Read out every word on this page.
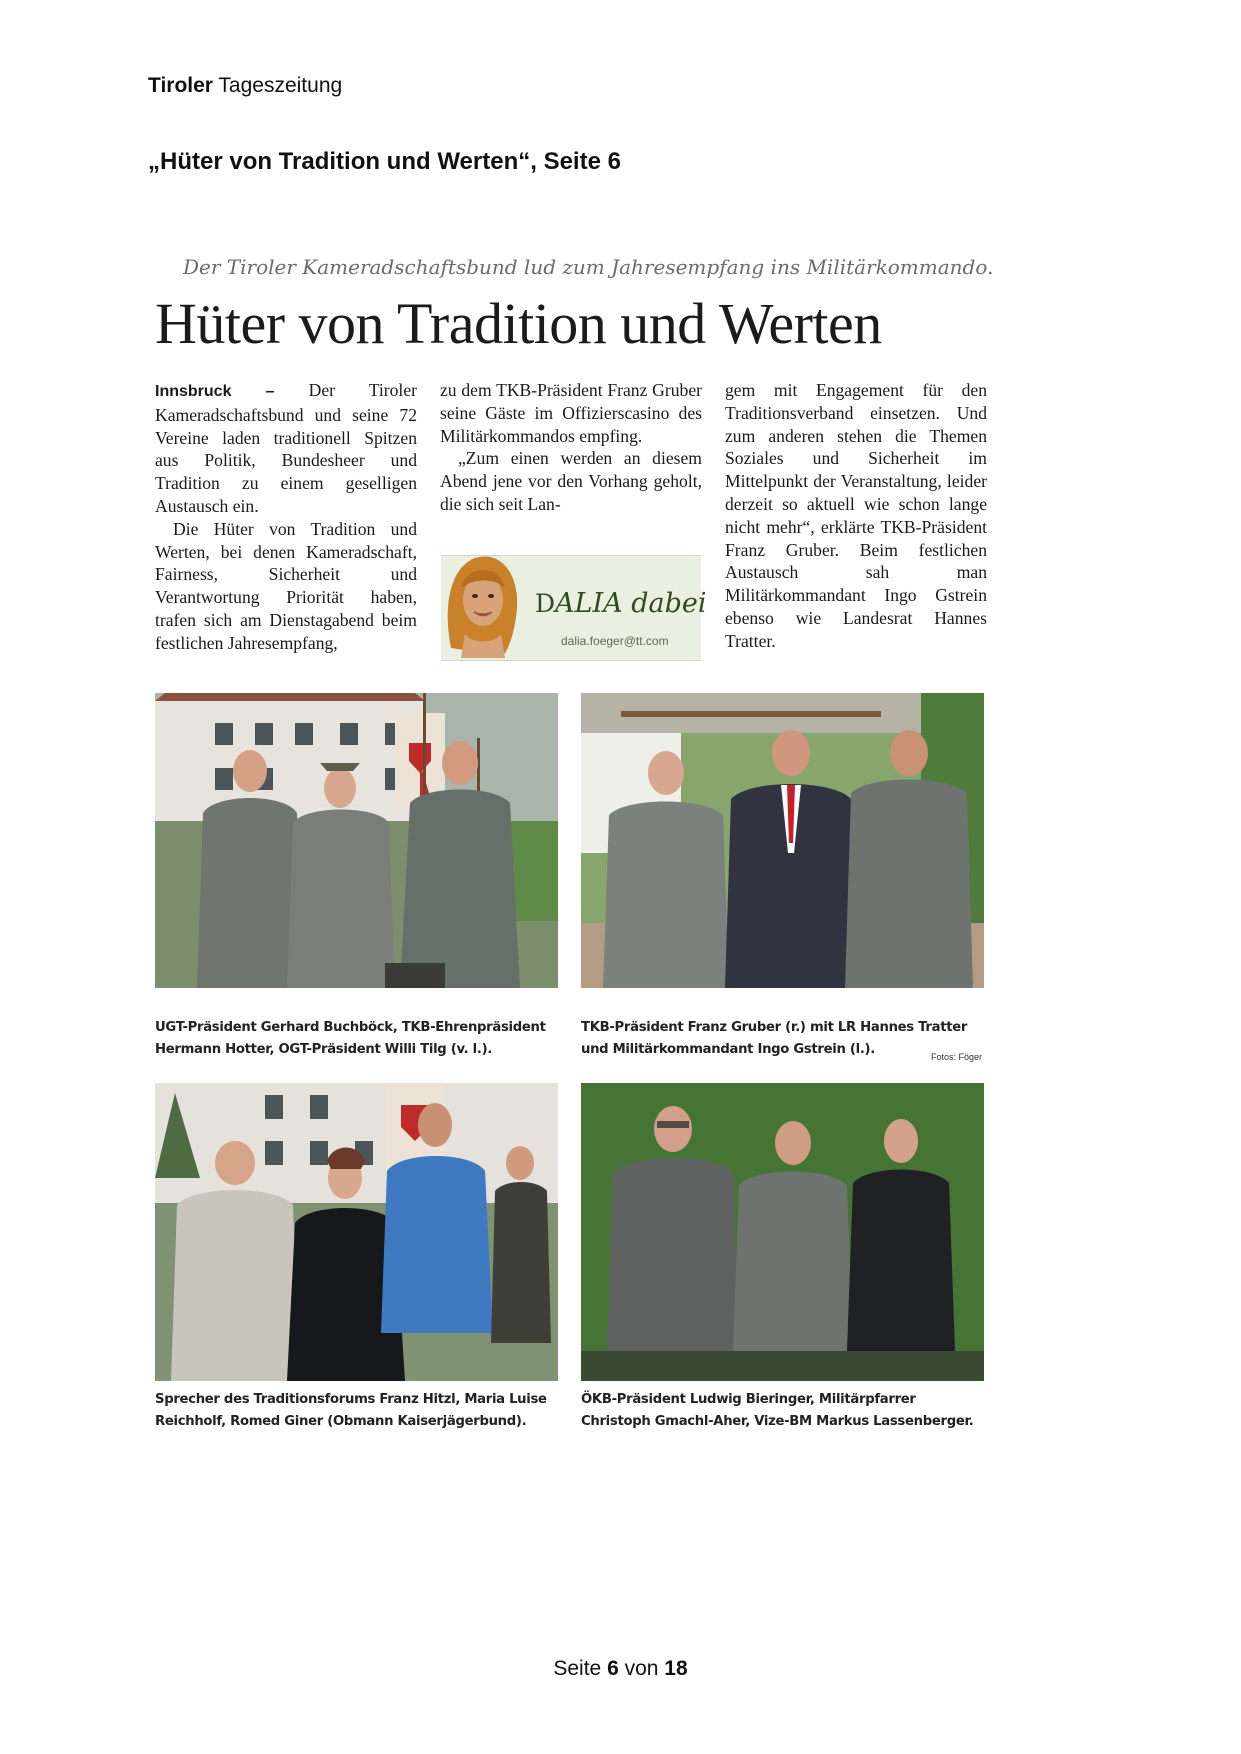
Tiroler Tageszeitung
„Hüter von Tradition und Werten“, Seite 6
Der Tiroler Kameradschaftsbund lud zum Jahresempfang ins Militärkommando.
Hüter von Tradition und Werten

Innsbruck – Der Tiroler Kameradschaftsbund und seine 72 Vereine laden traditionell Spitzen aus Politik, Bundesheer und Tradition zu einem geselligen Austausch ein.

Die Hüter von Tradition und Werten, bei denen Kameradschaft, Fairness, Sicherheit und Verantwortung Priorität haben, trafen sich am Dienstagabend beim festlichen Jahresempfang,

zu dem TKB-Präsident Franz Gruber seine Gäste im Offizierscasino des Militärkommandos empfing.

„Zum einen werden an diesem Abend jene vor den Vorhang geholt, die sich seit Lan-

DALIA dabei
dalia.foeger@tt.com

gem mit Engagement für den Traditionsverband einsetzen. Und zum anderen stehen die Themen Soziales und Sicherheit im Mittelpunkt der Veranstaltung, leider derzeit so aktuell wie schon lange nicht mehr“, erklärte TKB-Präsident Franz Gruber. Beim festlichen Austausch sah man Militärkommandant Ingo Gstrein ebenso wie Landesrat Hannes Tratter.

UGT-Präsident Gerhard Buchböck, TKB-Ehrenpräsident Hermann Hotter, OGT-Präsident Willi Tilg (v. l.).
TKB-Präsident Franz Gruber (r.) mit LR Hannes Tratter und Militärkommandant Ingo Gstrein (l.).	Fotos: Föger
Sprecher des Traditionsforums Franz Hitzl, Maria Luise Reichholf, Romed Giner (Obmann Kaiserjägerbund).
ÖKB-Präsident Ludwig Bieringer, Militärpfarrer Christoph Gmachl-Aher, Vize-BM Markus Lassenberger.
Seite 6 von 18
